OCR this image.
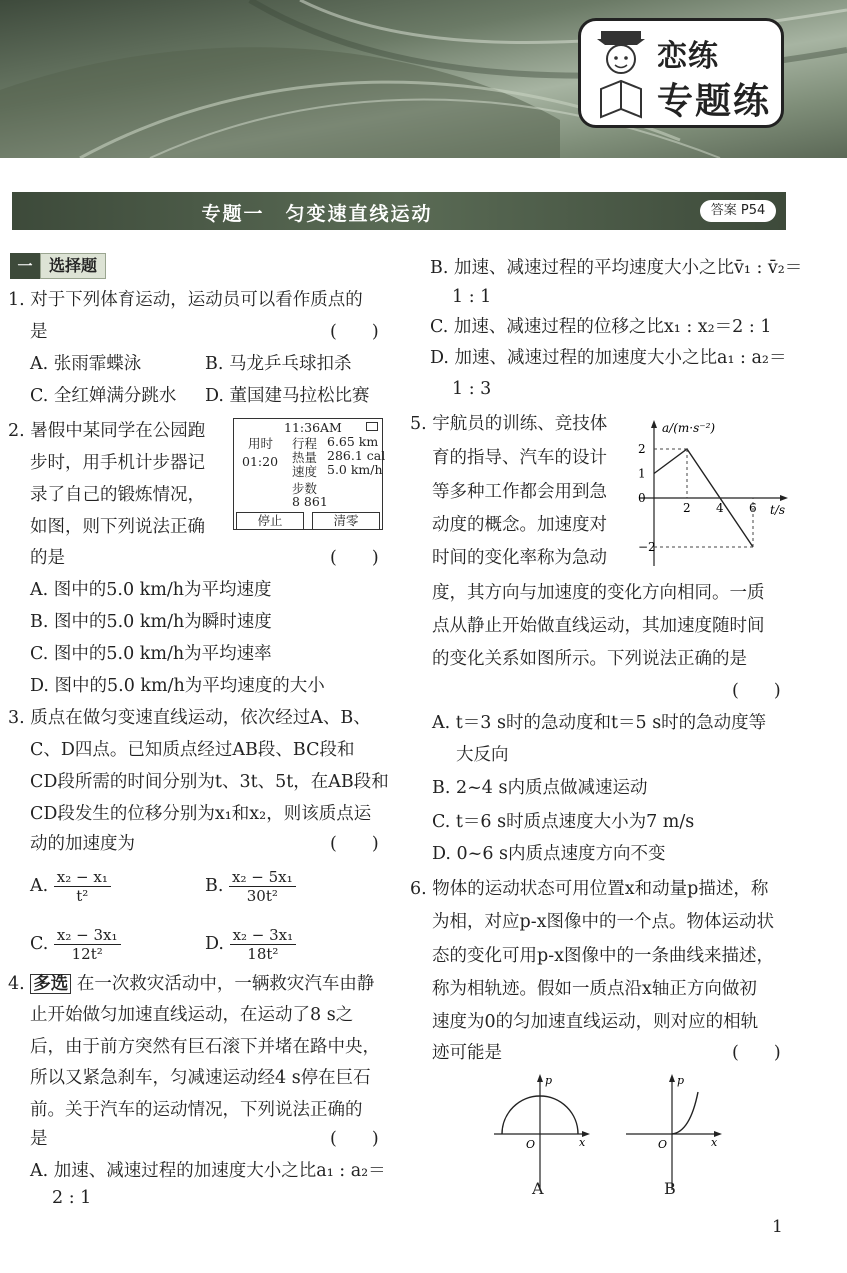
恋练
专题练
专题一　匀变速直线运动	答案 P54
一	选择题
1. 对于下列体育运动，运动员可以看作质点的
是	(　　)
A. 张雨霏蝶泳	B. 马龙乒乓球扣杀
C. 全红婵满分跳水 D. 董国建马拉松比赛
2. 暑假中某同学在公园跑
步时，用手机计步器记
录了自己的锻炼情况，
如图，则下列说法正确
的是	(　　)
11:36AM
用时
01:20
行程 6.65 km
热量 286.1 cal
速度 5.0 km/h
步数
8 861
停止	清零
A. 图中的5.0 km/h为平均速度
B. 图中的5.0 km/h为瞬时速度
C. 图中的5.0 km/h为平均速率
D. 图中的5.0 km/h为平均速度的大小
3. 质点在做匀变速直线运动，依次经过A、B、
C、D四点。已知质点经过AB段、BC段和
CD段所需的时间分别为t、3t、5t，在AB段和
CD段发生的位移分别为x₁和x₂，则该质点运
动的加速度为	(　　)
A. $\frac{\text{x₂ − x₁}}{\text{t²}}$	B. $\frac{\text{x₂ − 5x₁}}{\text{30t²}}$
C. $\frac{\text{x₂ − 3x₁}}{\text{12t²}}$	D. $\frac{\text{x₂ − 3x₁}}{\text{18t²}}$
4. 多选 在一次救灾活动中，一辆救灾汽车由静
止开始做匀加速直线运动，在运动了8 s之
后，由于前方突然有巨石滚下并堵在路中央，
所以又紧急刹车，匀减速运动经4 s停在巨石
前。关于汽车的运动情况，下列说法正确的
是	(　　)
A. 加速、减速过程的加速度大小之比a₁ : a₂＝
2 : 1
B. 加速、减速过程的平均速度大小之比v̄₁ : v̄₂＝
1 : 1
C. 加速、减速过程的位移之比x₁ : x₂＝2 : 1
D. 加速、减速过程的加速度大小之比a₁ : a₂＝
1 : 3
5. 宇航员的训练、竞技体
育的指导、汽车的设计
等多种工作都会用到急
动度的概念。加速度对
时间的变化率称为急动
度，其方向与加速度的变化方向相同。一质
点从静止开始做直线运动，其加速度随时间
的变化关系如图所示。下列说法正确的是
(　　)
A. t＝3 s时的急动度和t＝5 s时的急动度等
大反向
B. 2~4 s内质点做减速运动
C. t＝6 s时质点速度大小为7 m/s
D. 0~6 s内质点速度方向不变
a/(m·s⁻²)
t/s
2 4 6
2
1
0
−2
6. 物体的运动状态可用位置x和动量p描述，称
为相，对应p-x图像中的一个点。物体运动状
态的变化可用p-x图像中的一条曲线来描述，
称为相轨迹。假如一质点沿x轴正方向做初
速度为0的匀加速直线运动，则对应的相轨
迹可能是	(　　)
p
O	x
A
p
O	x
B
1
